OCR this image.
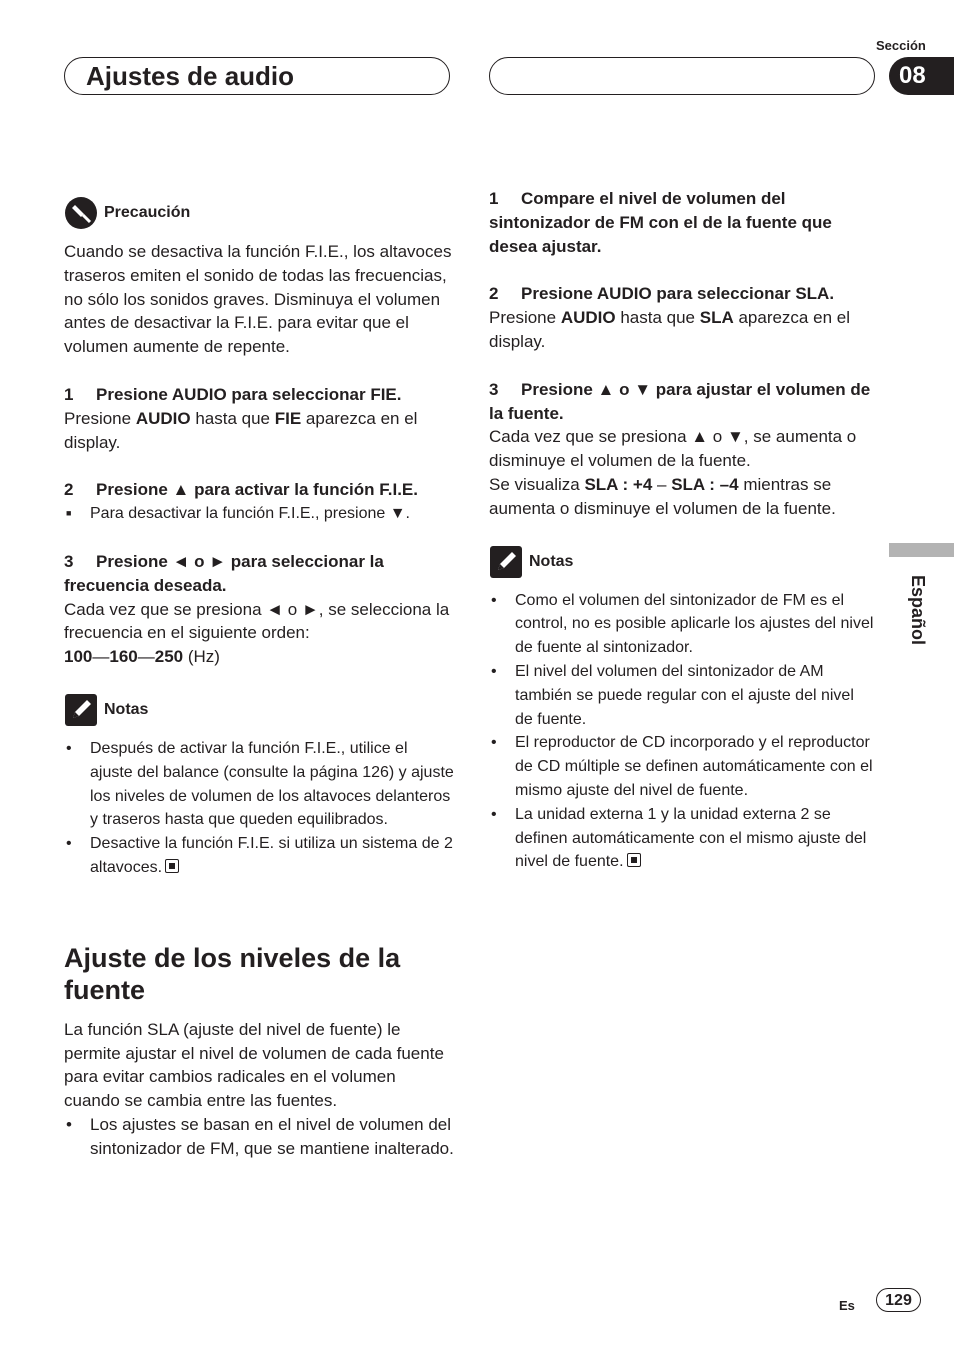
Ajustes de audio
Sección
08
Español
Precaución

Cuando se desactiva la función F.I.E., los altavoces traseros emiten el sonido de todas las frecuencias, no sólo los sonidos graves. Disminuya el volumen antes de desactivar la F.I.E. para evitar que el volumen aumente de repente.

1 Presione AUDIO para seleccionar FIE.

Presione AUDIO hasta que FIE aparezca en el display.

2 Presione ▲ para activar la función F.I.E.

■ Para desactivar la función F.I.E., presione ▼.

3 Presione ◄ o ► para seleccionar la frecuencia deseada.

Cada vez que se presiona ◄ o ►, se selecciona la frecuencia en el siguiente orden:

100—160—250 (Hz)

Notas
• Después de activar la función F.I.E., utilice el ajuste del balance (consulte la página 126) y ajuste los niveles de volumen de los altavoces delanteros y traseros hasta que queden equilibrados.
• Desactive la función F.I.E. si utiliza un sistema de 2 altavoces.
Ajuste de los niveles de la fuente

La función SLA (ajuste del nivel de fuente) le permite ajustar el nivel de volumen de cada fuente para evitar cambios radicales en el volumen cuando se cambia entre las fuentes.

• Los ajustes se basan en el nivel de volumen del sintonizador de FM, que se mantiene inalterado.

1 Compare el nivel de volumen del sintonizador de FM con el de la fuente que desea ajustar.

2 Presione AUDIO para seleccionar SLA.

Presione AUDIO hasta que SLA aparezca en el display.

3 Presione ▲ o ▼ para ajustar el volumen de la fuente.

Cada vez que se presiona ▲ o ▼, se aumenta o disminuye el volumen de la fuente.

Se visualiza SLA : +4 – SLA : –4 mientras se aumenta o disminuye el volumen de la fuente.

Notas
• Como el volumen del sintonizador de FM es el control, no es posible aplicarle los ajustes del nivel de fuente al sintonizador.
• El nivel del volumen del sintonizador de AM también se puede regular con el ajuste del nivel de fuente.
• El reproductor de CD incorporado y el reproductor de CD múltiple se definen automáticamente con el mismo ajuste del nivel de fuente.
• La unidad externa 1 y la unidad externa 2 se definen automáticamente con el mismo ajuste del nivel de fuente.
Es	129
